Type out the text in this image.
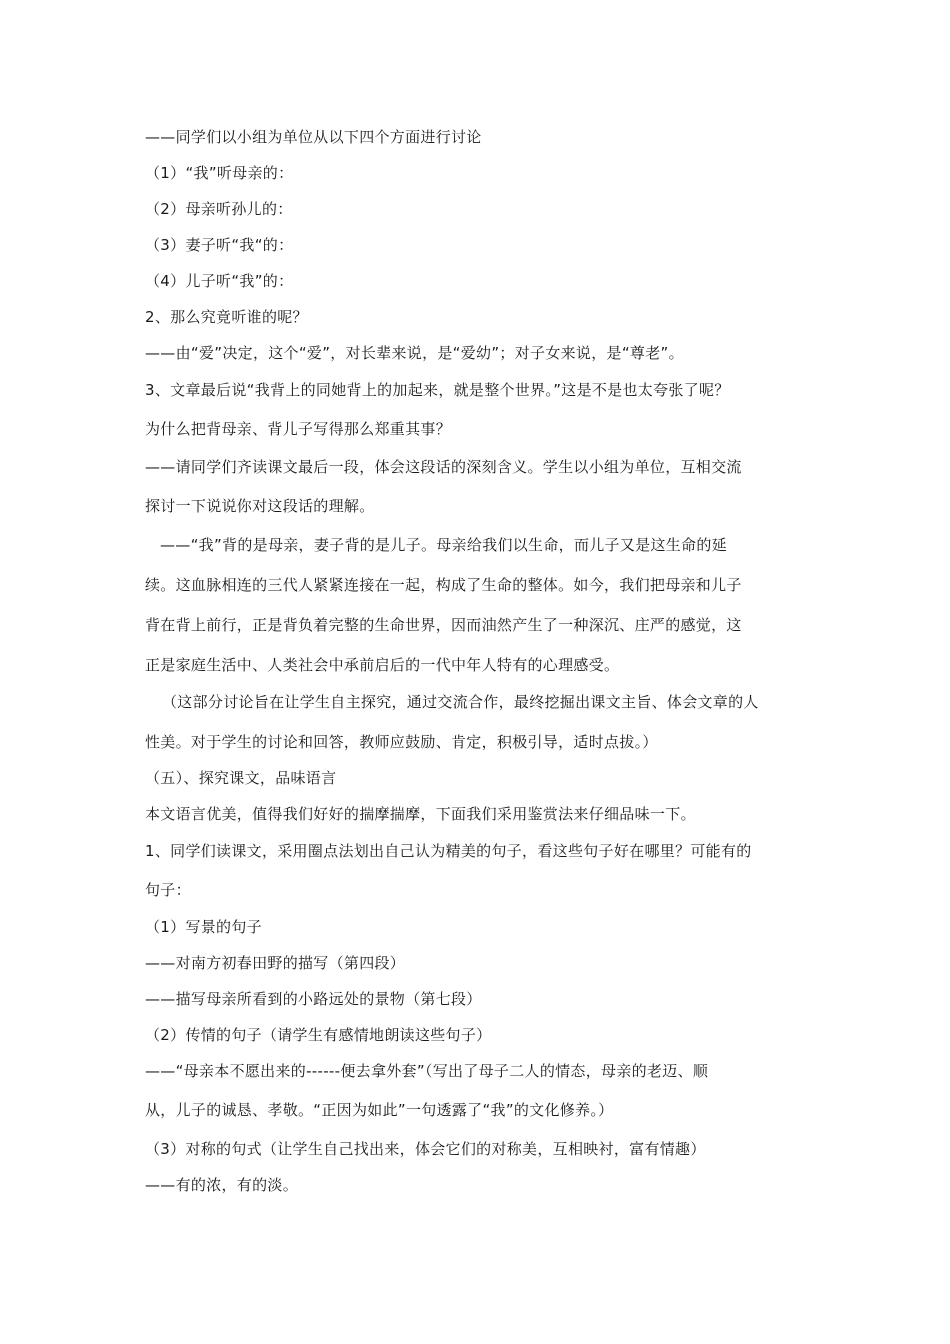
——同学们以小组为单位从以下四个方面进行讨论
（1）“我”听母亲的：
（2）母亲听孙儿的：
（3）妻子听“我“的：
（4）儿子听“我”的：
2、那么究竟听谁的呢？
——由“爱”决定，这个“爱”，对长辈来说，是“爱幼”；对子女来说，是“尊老”。
3、文章最后说“我背上的同她背上的加起来，就是整个世界。”这是不是也太夸张了呢？
为什么把背母亲、背儿子写得那么郑重其事？
——请同学们齐读课文最后一段，体会这段话的深刻含义。学生以小组为单位，互相交流
探讨一下说说你对这段话的理解。
——“我”背的是母亲，妻子背的是儿子。母亲给我们以生命，而儿子又是这生命的延
续。这血脉相连的三代人紧紧连接在一起，构成了生命的整体。如今，我们把母亲和儿子
背在背上前行，正是背负着完整的生命世界，因而油然产生了一种深沉、庄严的感觉，这
正是家庭生活中、人类社会中承前启后的一代中年人特有的心理感受。
（这部分讨论旨在让学生自主探究，通过交流合作，最终挖掘出课文主旨、体会文章的人
性美。对于学生的讨论和回答，教师应鼓励、肯定，积极引导，适时点拔。）
（五）、探究课文，品味语言
本文语言优美，值得我们好好的揣摩揣摩，下面我们采用鉴赏法来仔细品味一下。
1、同学们读课文，采用圈点法划出自己认为精美的句子，看这些句子好在哪里？可能有的
句子：
（1）写景的句子
——对南方初春田野的描写（第四段）
——描写母亲所看到的小路远处的景物（第七段）
（2）传情的句子（请学生有感情地朗读这些句子）
——“母亲本不愿出来的------便去拿外套”（写出了母子二人的情态，母亲的老迈、顺
从，儿子的诚恳、孝敬。“正因为如此”一句透露了“我”的文化修养。）
（3）对称的句式（让学生自己找出来，体会它们的对称美，互相映衬，富有情趣）
——有的浓，有的淡。
